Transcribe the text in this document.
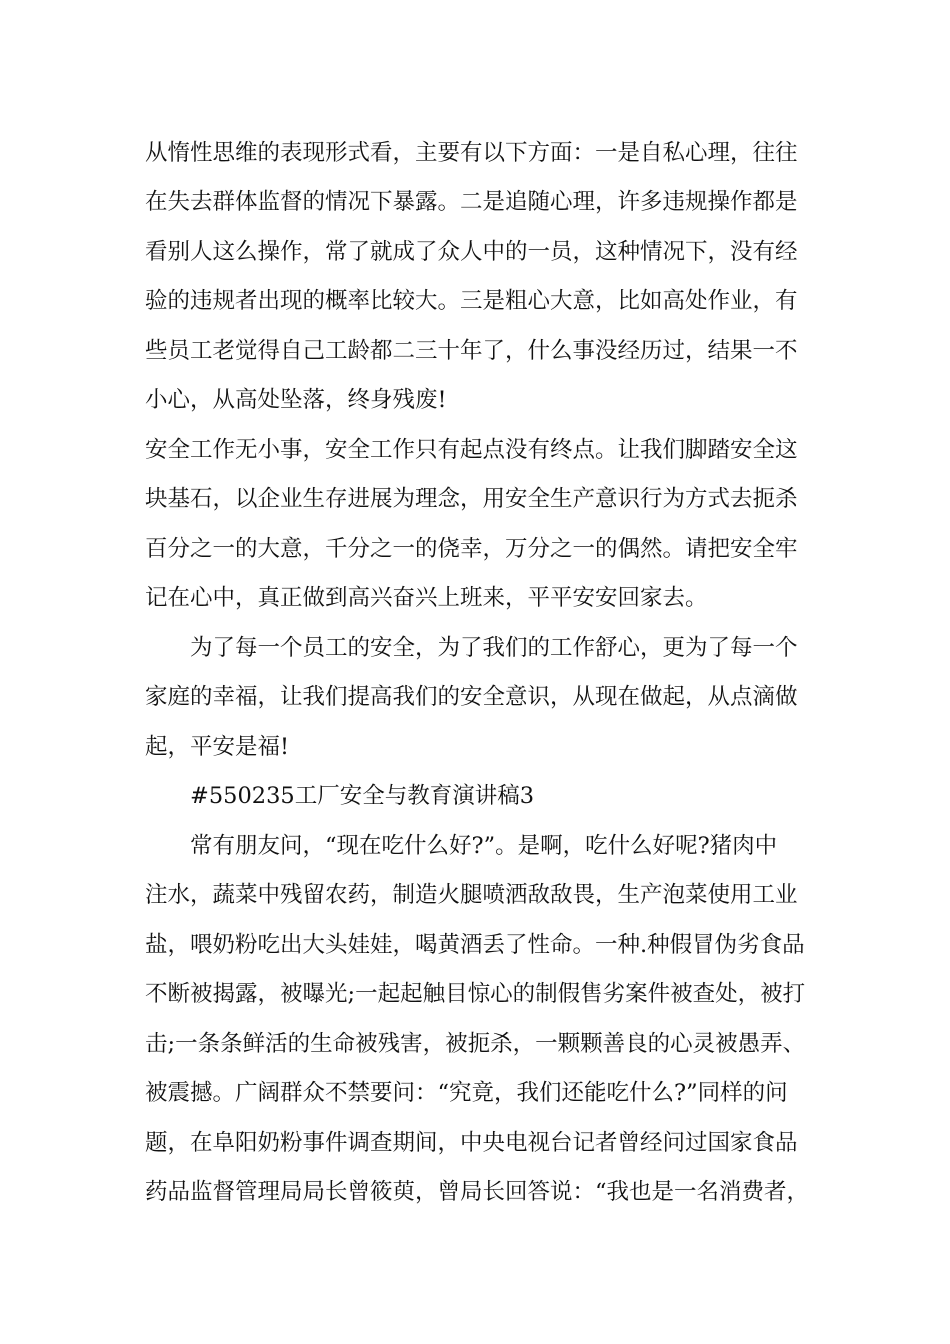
从惰性思维的表现形式看，主要有以下方面：一是自私心理，往往
在失去群体监督的情况下暴露。二是追随心理，许多违规操作都是
看别人这么操作，常了就成了众人中的一员，这种情况下，没有经
验的违规者出现的概率比较大。三是粗心大意，比如高处作业，有
些员工老觉得自己工龄都二三十年了，什么事没经历过，结果一不
小心，从高处坠落，终身残废!
安全工作无小事，安全工作只有起点没有终点。让我们脚踏安全这
块基石，以企业生存进展为理念，用安全生产意识行为方式去扼杀
百分之一的大意，千分之一的侥幸，万分之一的偶然。请把安全牢
记在心中，真正做到高兴奋兴上班来，平平安安回家去。
为了每一个员工的安全，为了我们的工作舒心，更为了每一个
家庭的幸福，让我们提高我们的安全意识，从现在做起，从点滴做
起，平安是福!
#550235工厂安全与教育演讲稿3
常有朋友问，“现在吃什么好?”。是啊，吃什么好呢?猪肉中
注水，蔬菜中残留农药，制造火腿喷洒敌敌畏，生产泡菜使用工业
盐，喂奶粉吃出大头娃娃，喝黄酒丢了性命。一种.种假冒伪劣食品
不断被揭露，被曝光;一起起触目惊心的制假售劣案件被查处，被打
击;一条条鲜活的生命被残害，被扼杀，一颗颗善良的心灵被愚弄、
被震撼。广阔群众不禁要问：“究竟，我们还能吃什么?”同样的问
题，在阜阳奶粉事件调查期间，中央电视台记者曾经问过国家食品
药品监督管理局局长曾筱萸，曾局长回答说：“我也是一名消费者，
